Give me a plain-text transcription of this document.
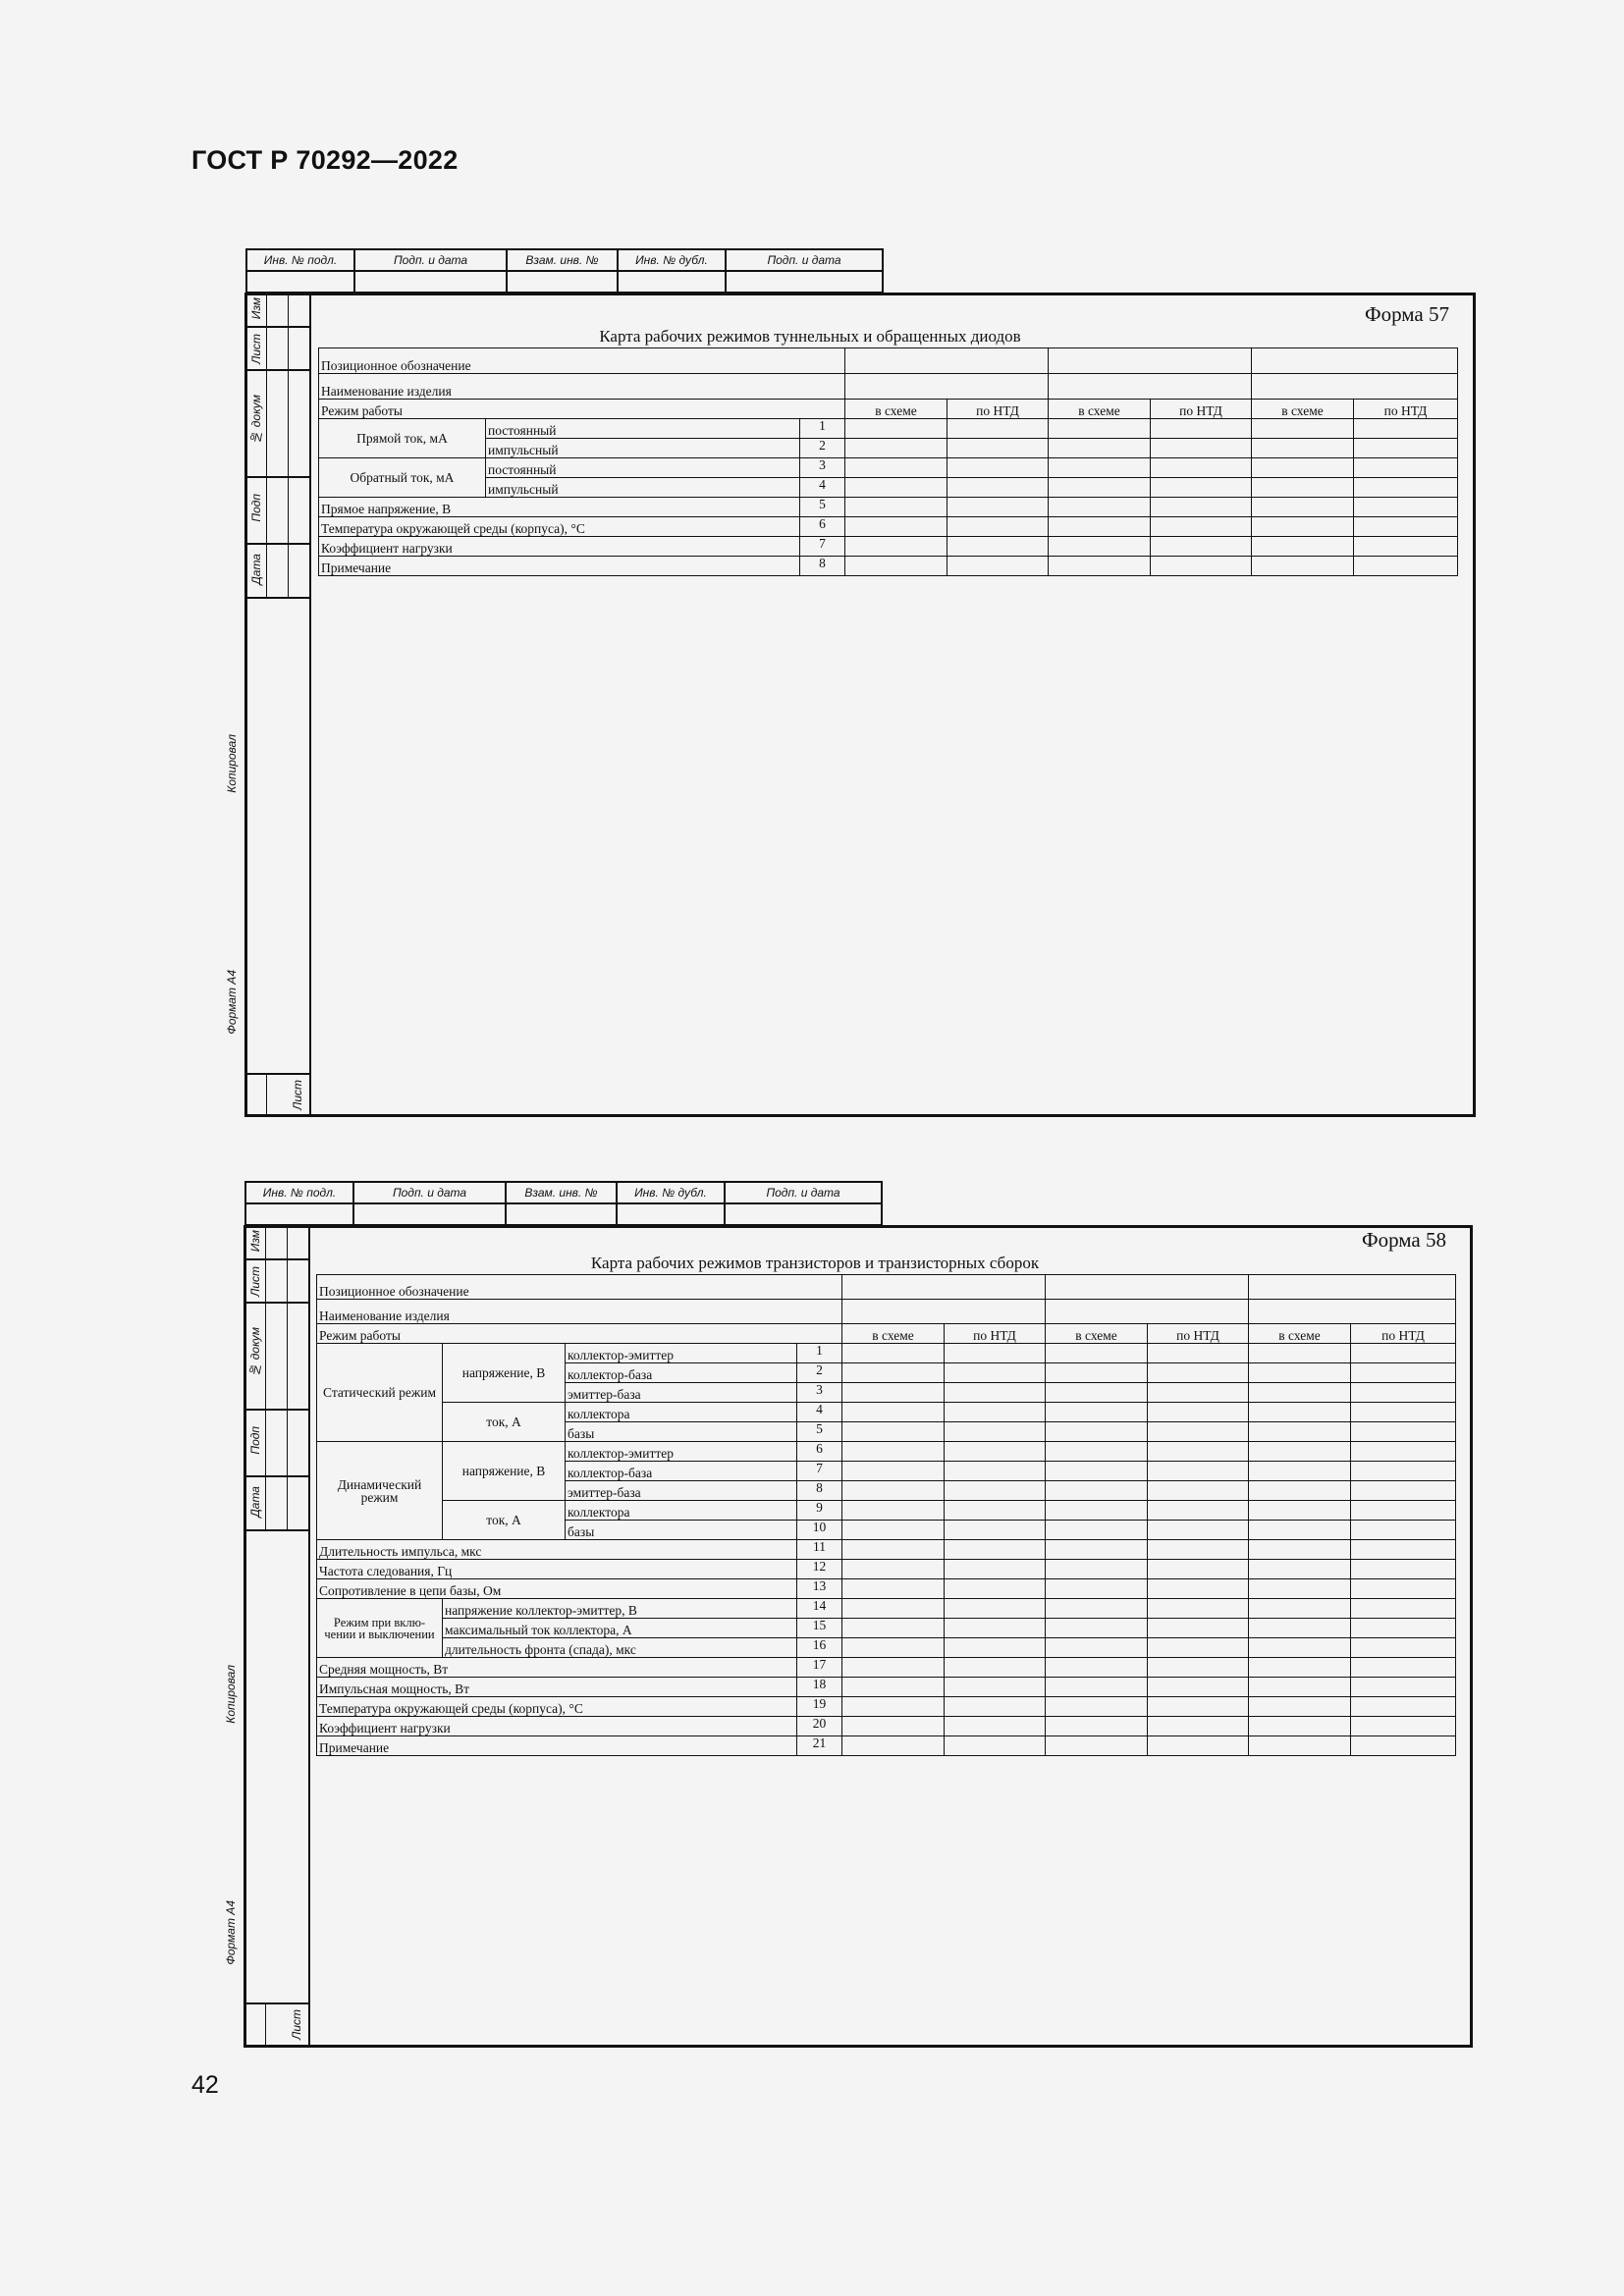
ГОСТ Р 70292—2022
Инв. № подл.	Подп. и дата	Взам. инв. №	Инв. № дубл.	Подп. и дата

Изм
Лист
№ докум
Подп
Дата
Копировал
Формат А4
Лист
Форма 57
Карта рабочих режимов туннельных и обращенных диодов
Позиционное обозначение								
Наименование изделия								
Режим работы			в схеме	по НТД	в схеме	по НТД	в схеме	по НТД
Прямой ток, мА	постоянный	1						
	импульсный	2						
Обратный ток, мА	постоянный	3						
	импульсный	4						
Прямое напряжение, В		5						
Температура окружающей среды (корпуса), °С		6						
Коэффициент нагрузки		7						
Примечание		8						
Инв. № подл.	Подп. и дата	Взам. инв. №	Инв. № дубл.	Подп. и дата

Изм
Лист
№ докум
Подп
Дата
Копировал
Формат А4
Лист
Форма 58
Карта рабочих режимов транзисторов и транзисторных сборок
Позиционное обозначение									
Наименование изделия									
Режим работы				в схеме	по НТД	в схеме	по НТД	в схеме	по НТД
Статический режим	напряжение, В	коллектор-эмиттер	1						
		коллектор-база	2						
		эмиттер-база	3						
	ток, А	коллектора	4						
		базы	5						
Динамический режим	напряжение, В	коллектор-эмиттер	6						
		коллектор-база	7						
		эмиттер-база	8						
	ток, А	коллектора	9						
		базы	10						
Длительность импульса, мкс			11						
Частота следования, Гц			12						
Сопротивление в цепи базы, Ом			13						
Режим при вклю-чении и выключении	напряжение коллектор-эмиттер, В		14						
	максимальный ток коллектора, А		15						
	длительность фронта (спада), мкс		16						
Средняя мощность, Вт			17						
Импульсная мощность, Вт			18						
Температура окружающей среды (корпуса), °С			19						
Коэффициент нагрузки			20						
Примечание			21						
42
